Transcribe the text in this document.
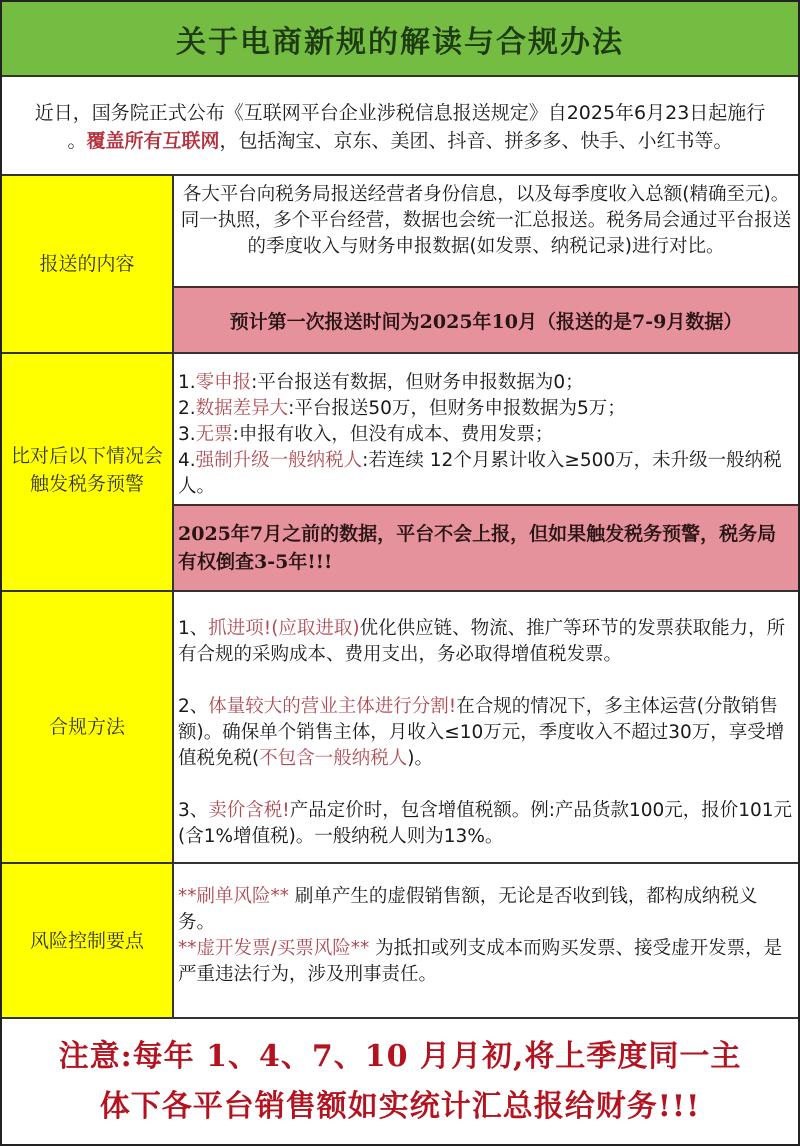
关于电商新规的解读与合规办法
近日，国务院正式公布《互联网平台企业涉税信息报送规定》自2025年6月23日起施行
。覆盖所有互联网，包括淘宝、京东、美团、抖音、拼多多、快手、小红书等。
报送的内容
各大平台向税务局报送经营者身份信息，以及每季度收入总额(精确至元)。同一执照，多个平台经营，数据也会统一汇总报送。税务局会通过平台报送的季度收入与财务申报数据(如发票、纳税记录)进行对比。
预计第一次报送时间为2025年10月（报送的是7-9月数据）
比对后以下情况会触发税务预警
1.零申报:平台报送有数据，但财务申报数据为0；
2.数据差异大:平台报送50万，但财务申报数据为5万；
3.无票:申报有收入，但没有成本、费用发票；
4.强制升级一般纳税人:若连续 12个月累计收入≥500万，未升级一般纳税人。
2025年7月之前的数据，平台不会上报，但如果触发税务预警，税务局有权倒查3-5年!!!
合规方法
1、抓进项!(应取进取)优化供应链、物流、推广等环节的发票获取能力，所有合规的采购成本、费用支出，务必取得增值税发票。
2、体量较大的营业主体进行分割!在合规的情况下，多主体运营(分散销售额)。确保单个销售主体，月收入≤10万元，季度收入不超过30万，享受增值税免税(不包含一般纳税人)。
3、卖价含税!产品定价时，包含增值税额。例:产品货款100元，报价101元(含1%增值税)。一般纳税人则为13%。
风险控制要点
**刷单风险** 刷单产生的虚假销售额，无论是否收到钱，都构成纳税义务。
**虚开发票/买票风险** 为抵扣或列支成本而购买发票、接受虚开发票，是严重违法行为，涉及刑事责任。
注意:每年 1、4、7、10 月月初,将上季度同一主
体下各平台销售额如实统计汇总报给财务!!!
